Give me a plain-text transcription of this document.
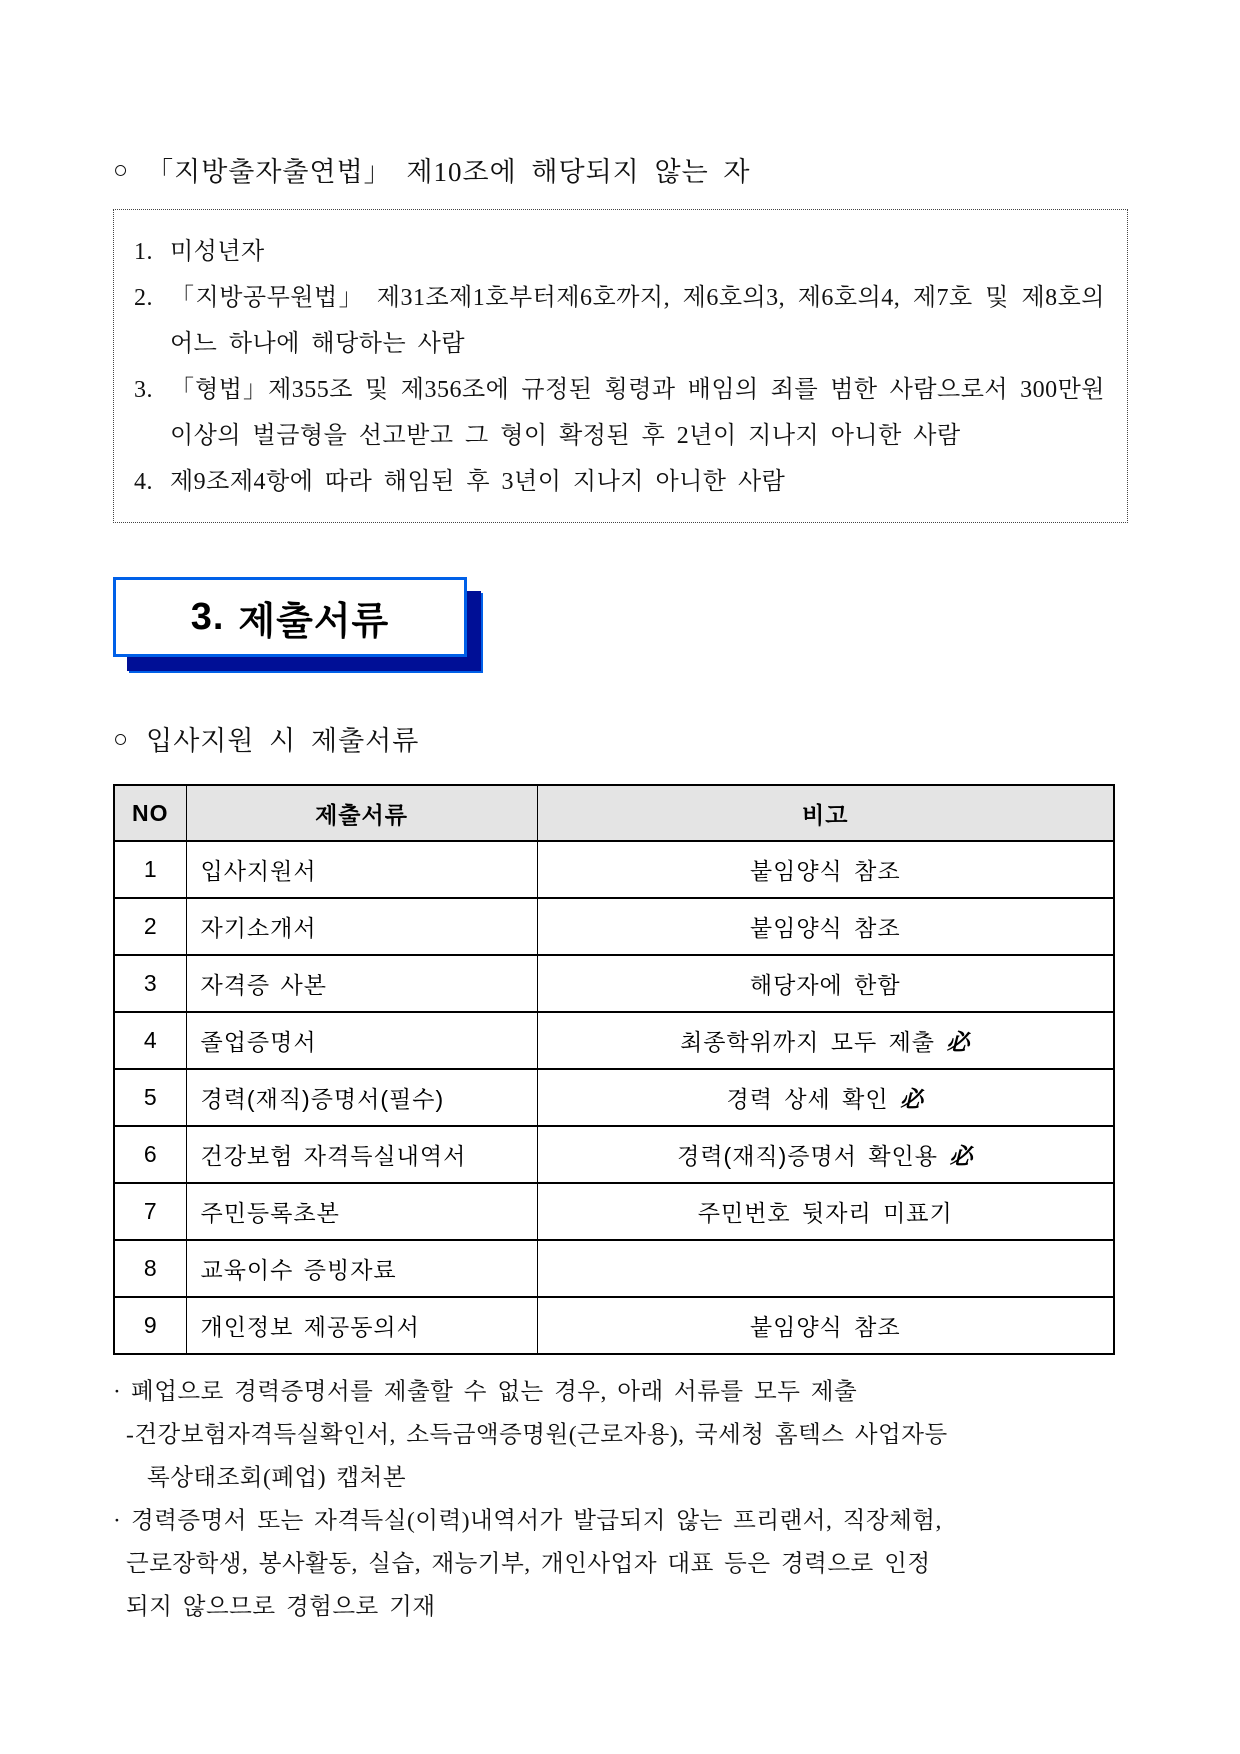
○ 「지방출자출연법」 제10조에 해당되지 않는 자
1. 미성년자
2. 「지방공무원법」 제31조제1호부터제6호까지, 제6호의3, 제6호의4, 제7호 및 제8호의 어느 하나에 해당하는 사람
3. 「형법」제355조 및 제356조에 규정된 횡령과 배임의 죄를 범한 사람으로서 300만원 이상의 벌금형을 선고받고 그 형이 확정된 후 2년이 지나지 아니한 사람
4. 제9조제4항에 따라 해임된 후 3년이 지나지 아니한 사람
3. 제출서류
○ 입사지원 시 제출서류
NO	제출서류	비고
1	입사지원서	붙임양식 참조
2	자기소개서	붙임양식 참조
3	자격증 사본	해당자에 한함
4	졸업증명서	최종학위까지 모두 제출 必
5	경력(재직)증명서(필수)	경력 상세 확인 必
6	건강보험 자격득실내역서	경력(재직)증명서 확인용 必
7	주민등록초본	주민번호 뒷자리 미표기
8	교육이수 증빙자료	
9	개인정보 제공동의서	붙임양식 참조
· 폐업으로 경력증명서를 제출할 수 없는 경우, 아래 서류를 모두 제출
-건강보험자격득실확인서, 소득금액증명원(근로자용), 국세청 홈텍스 사업자등
록상태조회(폐업) 캡처본
· 경력증명서 또는 자격득실(이력)내역서가 발급되지 않는 프리랜서, 직장체험,
근로장학생, 봉사활동, 실습, 재능기부, 개인사업자 대표 등은 경력으로 인정
되지 않으므로 경험으로 기재
